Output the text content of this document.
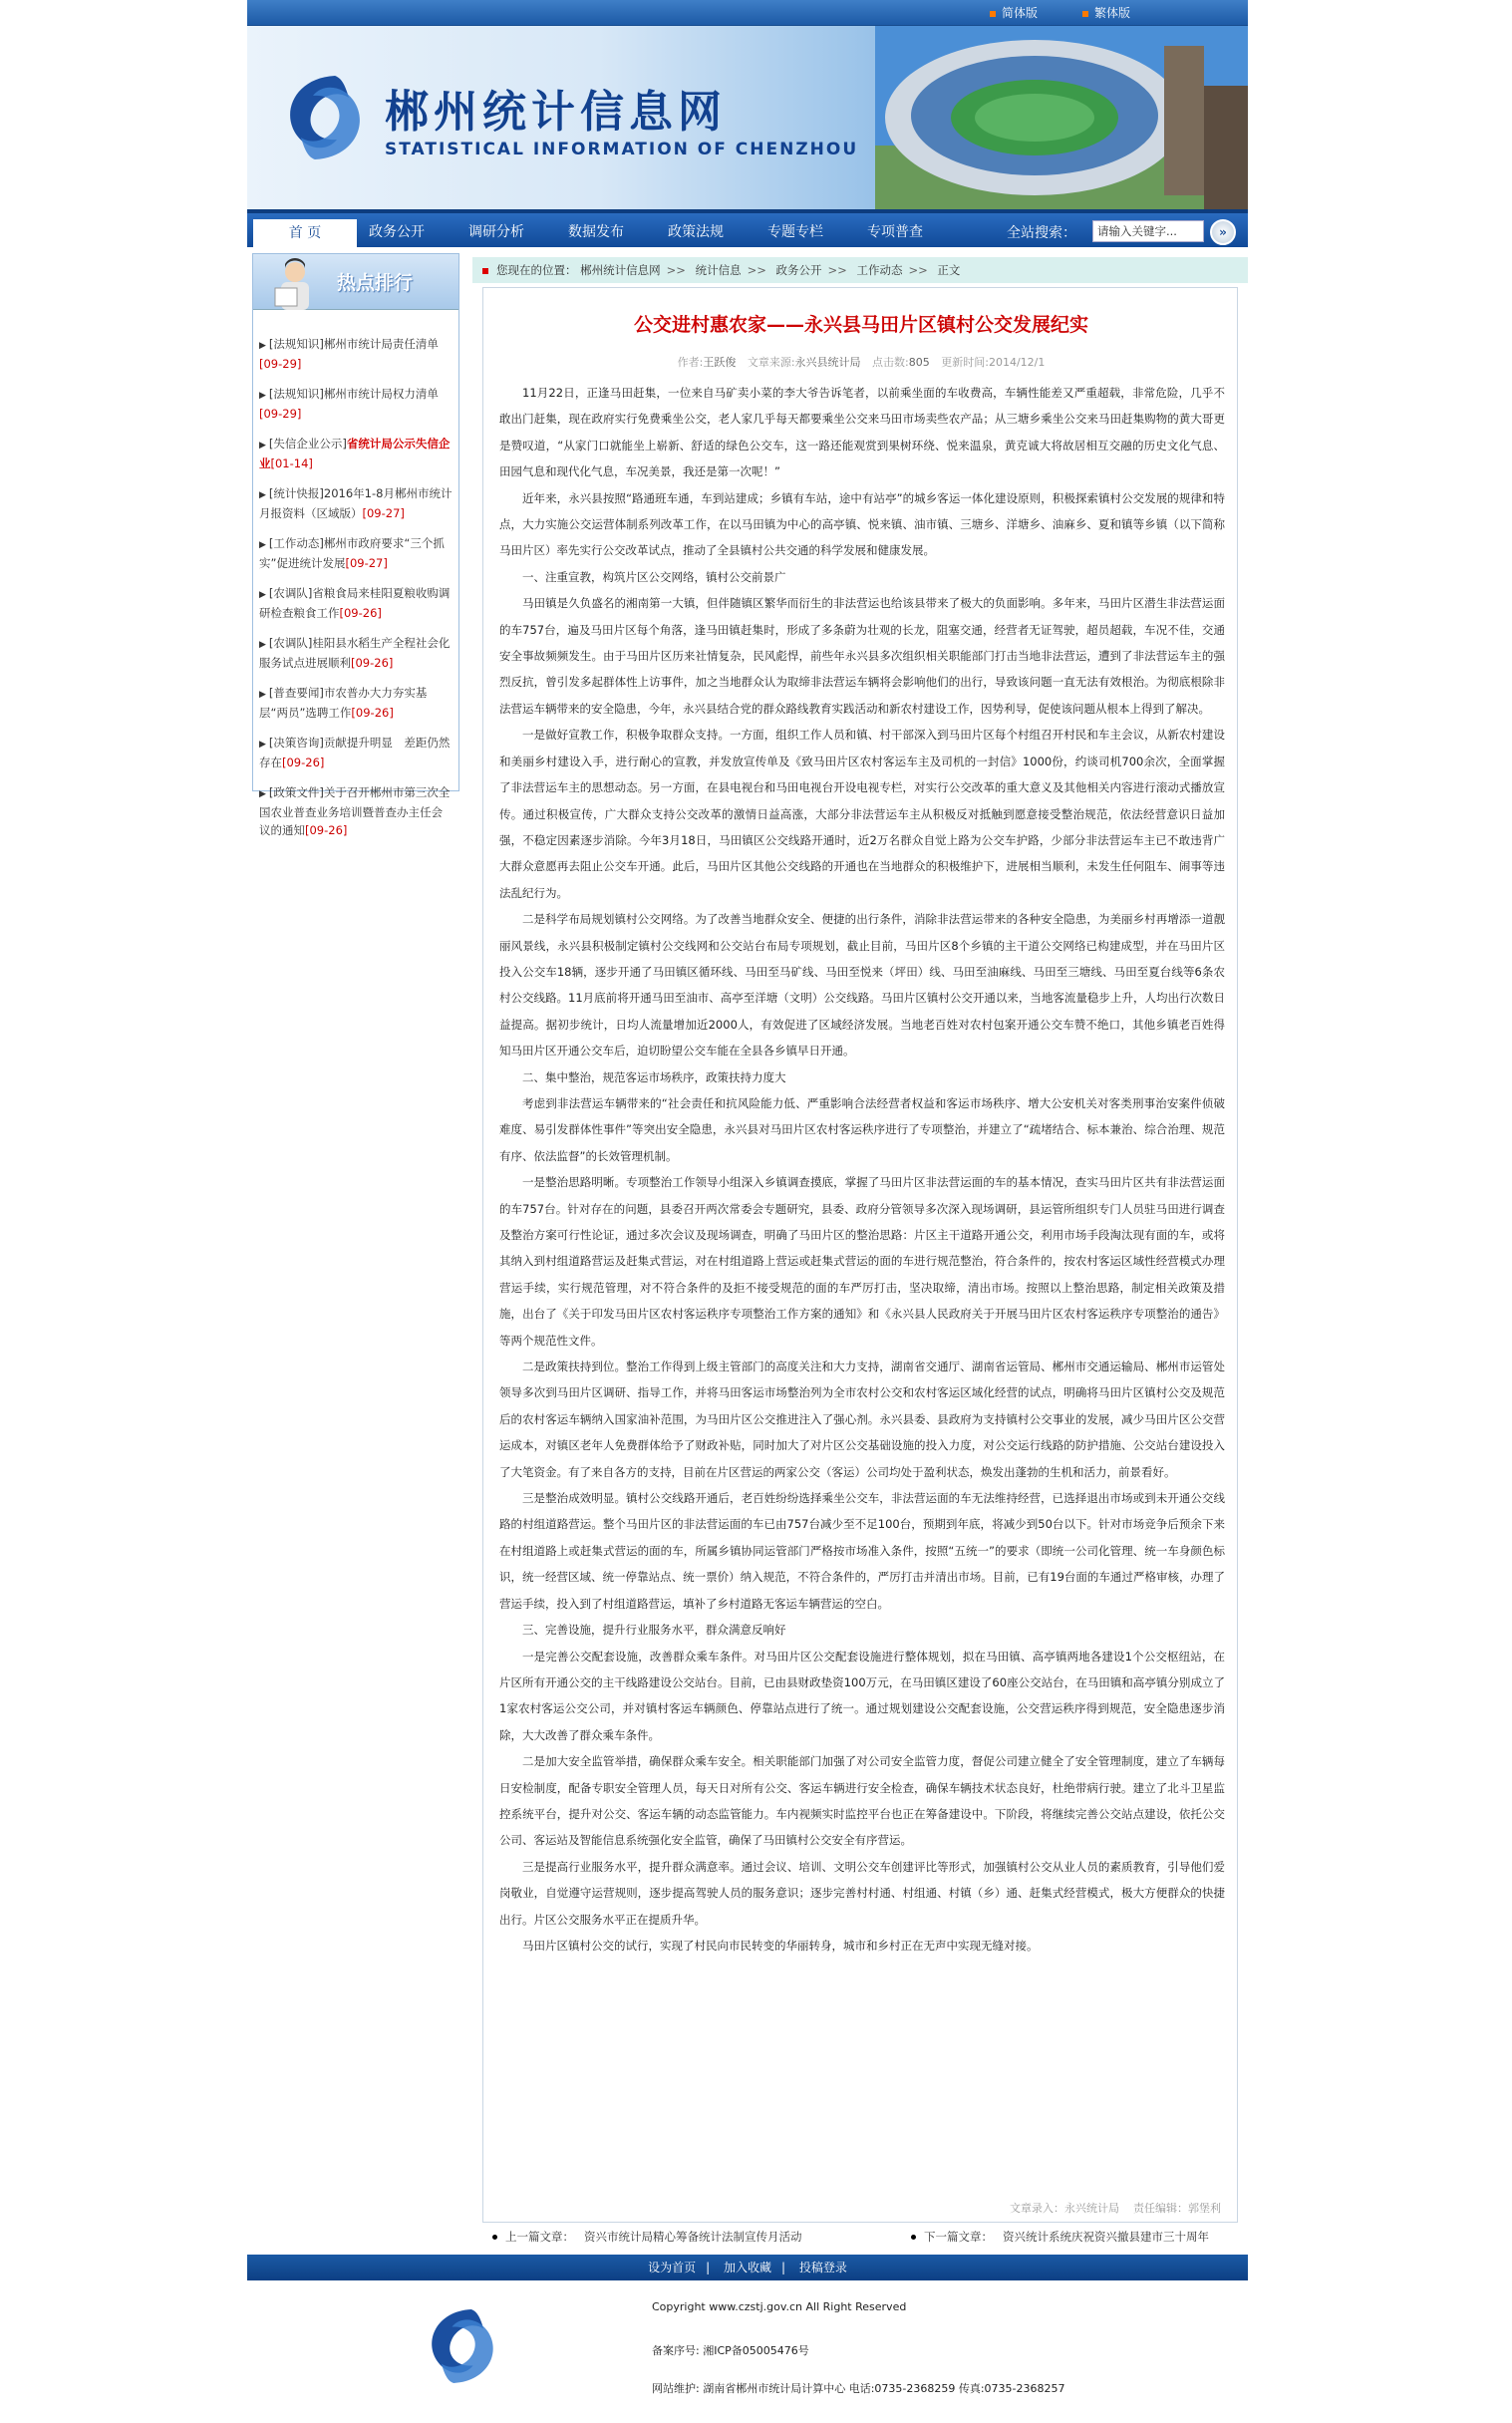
简体版	繁体版
郴州统计信息网
STATISTICAL INFORMATION OF CHENZHOU
首 页	政务公开	调研分析	数据发布	政策法规	专题专栏	专项普查	全站搜索：
请输入关键字...	»
热点排行
▶ [法规知识]郴州市统计局责任清单
[09-29]
▶ [法规知识]郴州市统计局权力清单
[09-29]
▶ [失信企业公示]省统计局公示失信企业[01-14]
▶ [统计快报]2016年1-8月郴州市统计月报资料（区域版）[09-27]
▶ [工作动态]郴州市政府要求“三个抓实”促进统计发展[09-27]
▶ [农调队]省粮食局来桂阳夏粮收购调研检查粮食工作[09-26]
▶ [农调队]桂阳县水稻生产全程社会化服务试点进展顺利[09-26]
▶ [普查要闻]市农普办大力夯实基层“两员”选聘工作[09-26]
▶ [决策咨询]贡献提升明显　差距仍然存在[09-26]
▶ [政策文件]关于召开郴州市第三次全国农业普查业务培训暨普查办主任会议的通知[09-26]
您现在的位置： 郴州统计信息网 >> 统计信息 >> 政务公开 >> 工作动态 >> 正文
公交进村惠农家——永兴县马田片区镇村公交发展纪实
作者:王跃俊 文章来源:永兴县统计局 点击数:805 更新时间:2014/12/1

11月22日，正逢马田赶集，一位来自马矿卖小菜的李大爷告诉笔者，以前乘坐面的车收费高，车辆性能差又严重超载，非常危险，几乎不敢出门赶集，现在政府实行免费乘坐公交，老人家几乎每天都要乘坐公交来马田市场卖些农产品；从三塘乡乘坐公交来马田赶集购物的黄大哥更是赞叹道，“从家门口就能坐上崭新、舒适的绿色公交车，这一路还能观赏到果树环绕、悦来温泉，黄克诚大将故居相互交融的历史文化气息、田园气息和现代化气息，车况美景，我还是第一次呢！”

近年来，永兴县按照“路通班车通，车到站建成；乡镇有车站，途中有站亭”的城乡客运一体化建设原则，积极探索镇村公交发展的规律和特点，大力实施公交运营体制系列改革工作，在以马田镇为中心的高亭镇、悦来镇、油市镇、三塘乡、洋塘乡、油麻乡、夏和镇等乡镇（以下简称马田片区）率先实行公交改革试点，推动了全县镇村公共交通的科学发展和健康发展。

一、注重宣教，构筑片区公交网络，镇村公交前景广

马田镇是久负盛名的湘南第一大镇，但伴随镇区繁华而衍生的非法营运也给该县带来了极大的负面影响。多年来，马田片区潜生非法营运面的车757台，遍及马田片区每个角落，逢马田镇赶集时，形成了多条蔚为壮观的长龙，阻塞交通，经营者无证驾驶，超员超载，车况不佳，交通安全事故频频发生。由于马田片区历来社情复杂，民风彪悍，前些年永兴县多次组织相关职能部门打击当地非法营运，遭到了非法营运车主的强烈反抗，曾引发多起群体性上访事件，加之当地群众认为取缔非法营运车辆将会影响他们的出行，导致该问题一直无法有效根治。为彻底根除非法营运车辆带来的安全隐患，今年，永兴县结合党的群众路线教育实践活动和新农村建设工作，因势利导，促使该问题从根本上得到了解决。

一是做好宣教工作，积极争取群众支持。一方面，组织工作人员和镇、村干部深入到马田片区每个村组召开村民和车主会议，从新农村建设和美丽乡村建设入手，进行耐心的宣教，并发放宣传单及《致马田片区农村客运车主及司机的一封信》1000份，约谈司机700余次，全面掌握了非法营运车主的思想动态。另一方面，在县电视台和马田电视台开设电视专栏，对实行公交改革的重大意义及其他相关内容进行滚动式播放宣传。通过积极宣传，广大群众支持公交改革的激情日益高涨，大部分非法营运车主从积极反对抵触到愿意接受整治规范，依法经营意识日益加强，不稳定因素逐步消除。今年3月18日，马田镇区公交线路开通时，近2万名群众自觉上路为公交车护路，少部分非法营运车主已不敢违背广大群众意愿再去阻止公交车开通。此后，马田片区其他公交线路的开通也在当地群众的积极维护下，进展相当顺利，未发生任何阻车、闹事等违法乱纪行为。

二是科学布局规划镇村公交网络。为了改善当地群众安全、便捷的出行条件，消除非法营运带来的各种安全隐患，为美丽乡村再增添一道靓丽风景线，永兴县积极制定镇村公交线网和公交站台布局专项规划，截止目前，马田片区8个乡镇的主干道公交网络已构建成型，并在马田片区投入公交车18辆，逐步开通了马田镇区循环线、马田至马矿线、马田至悦来（坪田）线、马田至油麻线、马田至三塘线、马田至夏台线等6条农村公交线路。11月底前将开通马田至油市、高亭至洋塘（文明）公交线路。马田片区镇村公交开通以来，当地客流量稳步上升，人均出行次数日益提高。据初步统计，日均人流量增加近2000人，有效促进了区域经济发展。当地老百姓对农村包案开通公交车赞不绝口，其他乡镇老百姓得知马田片区开通公交车后，迫切盼望公交车能在全县各乡镇早日开通。

二、集中整治，规范客运市场秩序，政策扶持力度大

考虑到非法营运车辆带来的“社会责任和抗风险能力低、严重影响合法经营者权益和客运市场秩序、增大公安机关对客类刑事治安案件侦破难度、易引发群体性事件”等突出安全隐患，永兴县对马田片区农村客运秩序进行了专项整治，并建立了“疏堵结合、标本兼治、综合治理、规范有序、依法监督”的长效管理机制。

一是整治思路明晰。专项整治工作领导小组深入乡镇调查摸底，掌握了马田片区非法营运面的车的基本情况，查实马田片区共有非法营运面的车757台。针对存在的问题，县委召开两次常委会专题研究，县委、政府分管领导多次深入现场调研，县运管所组织专门人员驻马田进行调查及整治方案可行性论证，通过多次会议及现场调查，明确了马田片区的整治思路：片区主干道路开通公交，利用市场手段淘汰现有面的车，或将其纳入到村组道路营运及赶集式营运，对在村组道路上营运或赶集式营运的面的车进行规范整治，符合条件的，按农村客运区域性经营模式办理营运手续，实行规范管理，对不符合条件的及拒不接受规范的面的车严厉打击，坚决取缔，清出市场。按照以上整治思路，制定相关政策及措施，出台了《关于印发马田片区农村客运秩序专项整治工作方案的通知》和《永兴县人民政府关于开展马田片区农村客运秩序专项整治的通告》等两个规范性文件。

二是政策扶持到位。整治工作得到上级主管部门的高度关注和大力支持，湖南省交通厅、湖南省运管局、郴州市交通运输局、郴州市运管处领导多次到马田片区调研、指导工作，并将马田客运市场整治列为全市农村公交和农村客运区域化经营的试点，明确将马田片区镇村公交及规范后的农村客运车辆纳入国家油补范围，为马田片区公交推进注入了强心剂。永兴县委、县政府为支持镇村公交事业的发展，减少马田片区公交营运成本，对镇区老年人免费群体给予了财政补贴，同时加大了对片区公交基础设施的投入力度，对公交运行线路的防护措施、公交站台建设投入了大笔资金。有了来自各方的支持，目前在片区营运的两家公交（客运）公司均处于盈利状态，焕发出蓬勃的生机和活力，前景看好。

三是整治成效明显。镇村公交线路开通后，老百姓纷纷选择乘坐公交车，非法营运面的车无法维持经营，已选择退出市场或到未开通公交线路的村组道路营运。整个马田片区的非法营运面的车已由757台减少至不足100台，预期到年底，将减少到50台以下。针对市场竞争后预余下来在村组道路上或赶集式营运的面的车，所属乡镇协同运管部门严格按市场准入条件，按照“五统一”的要求（即统一公司化管理、统一车身颜色标识，统一经营区域、统一停靠站点、统一票价）纳入规范，不符合条件的，严厉打击并清出市场。目前，已有19台面的车通过严格审核，办理了营运手续，投入到了村组道路营运，填补了乡村道路无客运车辆营运的空白。

三、完善设施，提升行业服务水平，群众满意反响好

一是完善公交配套设施，改善群众乘车条件。对马田片区公交配套设施进行整体规划，拟在马田镇、高亭镇两地各建设1个公交枢纽站，在片区所有开通公交的主干线路建设公交站台。目前，已由县财政垫资100万元，在马田镇区建设了60座公交站台，在马田镇和高亭镇分别成立了1家农村客运公交公司，并对镇村客运车辆颜色、停靠站点进行了统一。通过规划建设公交配套设施，公交营运秩序得到规范，安全隐患逐步消除，大大改善了群众乘车条件。

二是加大安全监管举措，确保群众乘车安全。相关职能部门加强了对公司安全监管力度，督促公司建立健全了安全管理制度，建立了车辆每日安检制度，配备专职安全管理人员，每天日对所有公交、客运车辆进行安全检查，确保车辆技术状态良好，杜绝带病行驶。建立了北斗卫星监控系统平台，提升对公交、客运车辆的动态监管能力。车内视频实时监控平台也正在筹备建设中。下阶段，将继续完善公交站点建设，依托公交公司、客运站及智能信息系统强化安全监管，确保了马田镇村公交安全有序营运。

三是提高行业服务水平，提升群众满意率。通过会议、培训、文明公交车创建评比等形式，加强镇村公交从业人员的素质教育，引导他们爱岗敬业，自觉遵守运营规则，逐步提高驾驶人员的服务意识；逐步完善村村通、村组通、村镇（乡）通、赶集式经营模式，极大方便群众的快捷出行。片区公交服务水平正在提质升华。

马田片区镇村公交的试行，实现了村民向市民转变的华丽转身，城市和乡村正在无声中实现无缝对接。

文章录入：永兴统计局 责任编辑：郭堡利
上一篇文章： 资兴市统计局精心筹备统计法制宣传月活动	下一篇文章： 资兴统计系统庆祝资兴撤县建市三十周年
设为首页 | 加入收藏 | 投稿登录
Copyright www.czstj.gov.cn All Right Reserved
备案序号: 湘ICP备05005476号
网站维护: 湖南省郴州市统计局计算中心 电话:0735-2368259 传真:0735-2368257
